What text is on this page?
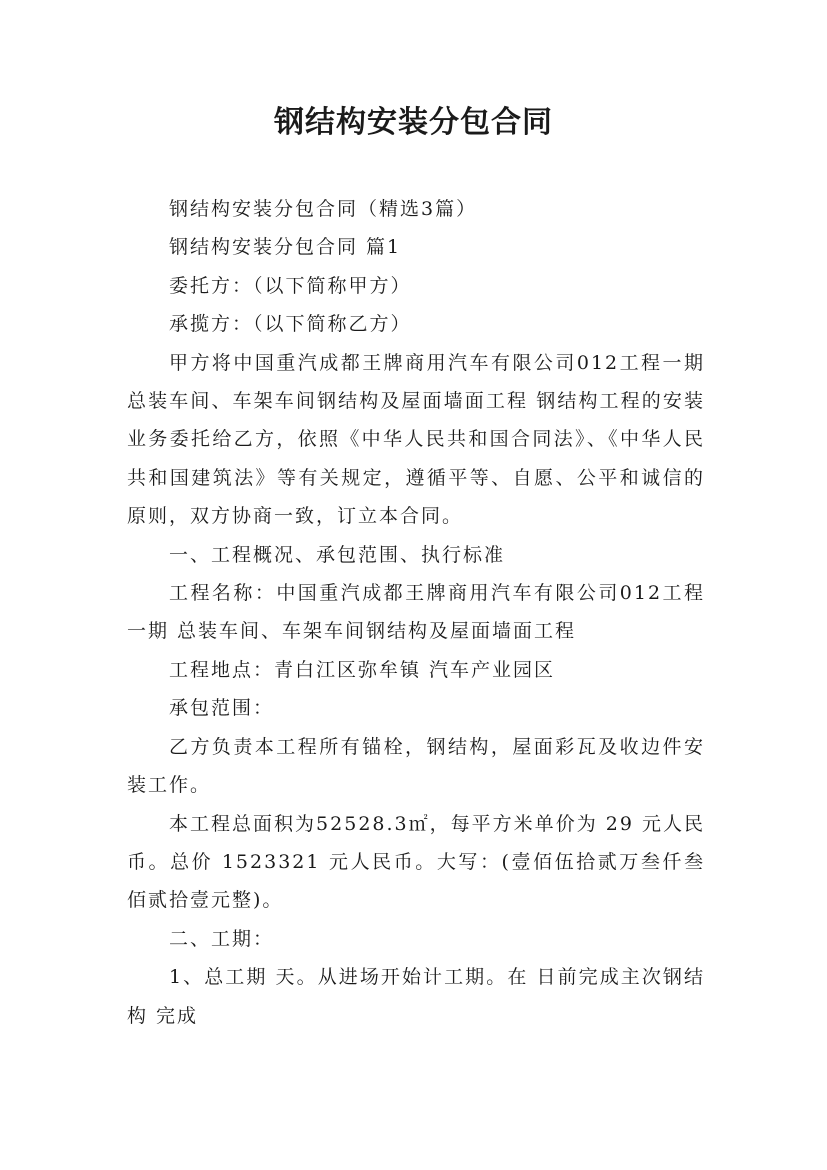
钢结构安装分包合同

钢结构安装分包合同（精选3篇）

钢结构安装分包合同 篇1

委托方：（以下简称甲方）

承揽方：（以下简称乙方）

甲方将中国重汽成都王牌商用汽车有限公司012工程一期 总装车间、车架车间钢结构及屋面墙面工程 钢结构工程的安装业务委托给乙方，依照《中华人民共和国合同法》、《中华人民共和国建筑法》等有关规定，遵循平等、自愿、公平和诚信的原则，双方协商一致，订立本合同。

一、工程概况、承包范围、执行标准

工程名称：中国重汽成都王牌商用汽车有限公司012工程一期 总装车间、车架车间钢结构及屋面墙面工程

工程地点：青白江区弥牟镇 汽车产业园区

承包范围：

乙方负责本工程所有锚栓，钢结构，屋面彩瓦及收边件安装工作。

本工程总面积为52528.3㎡，每平方米单价为 29 元人民币。总价 1523321 元人民币。大写：(壹佰伍拾贰万叁仟叁佰贰拾壹元整)。

二、工期：

1、总工期 天。从进场开始计工期。在 日前完成主次钢结构 完成
